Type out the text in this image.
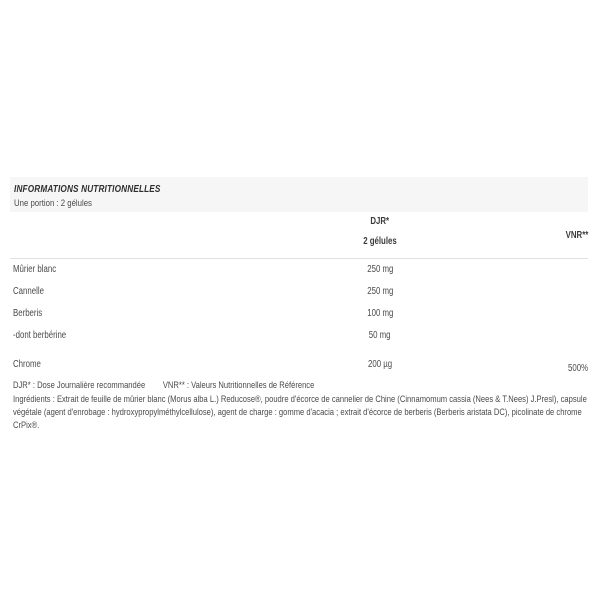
INFORMATIONS NUTRITIONNELLES
Une portion : 2 gélules
DJR*
2 gélules
VNR**
Mûrier blanc	250 mg
Cannelle	250 mg
Berberis	100 mg
-dont berbérine	50 mg
Chrome	200 µg	500%
DJR* : Dose Journalière recommandée VNR** : Valeurs Nutritionnelles de Référence
Ingrédients : Extrait de feuille de mûrier blanc (Morus alba L.) Reducose®, poudre d'écorce de cannelier de Chine (Cinnamomum cassia (Nees & T.Nees) J.Presl), capsule végétale (agent d'enrobage : hydroxypropylméthylcellulose), agent de charge : gomme d'acacia ; extrait d'écorce de berberis (Berberis aristata DC), picolinate de chrome CrPix®.
